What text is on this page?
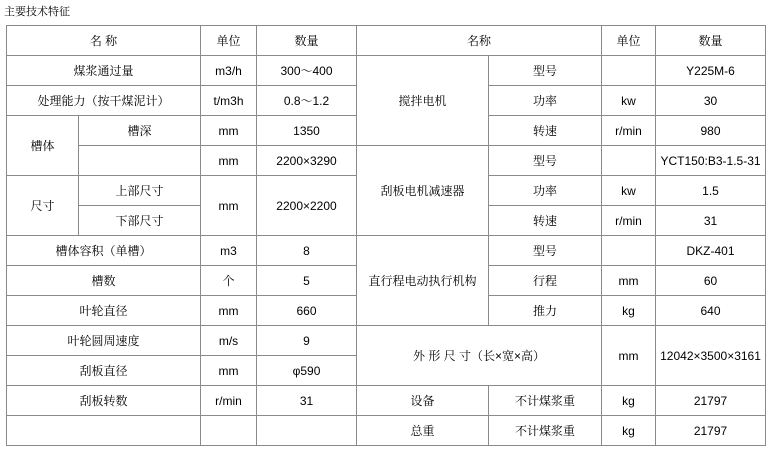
主要技术特征
名 称		单位	数量	名称		单位	数量
煤浆通过量		m3/h	300～400	搅拌电机	型号		Y225M-6
处理能力（按干煤泥计）		t/m3h	0.8～1.2		功率	kw	30
槽体	槽深	mm	1350		转速	r/min	980
		mm	2200×3290	刮板电机减速器	型号		YCT150:B3-1.5-31
尺寸	上部尺寸	mm	2200×2200		功率	kw	1.5
	下部尺寸				转速	r/min	31
槽体容积（单槽）		m3	8	直行程电动执行机构	型号		DKZ-401
槽数		个	5		行程	mm	60
叶轮直径		mm	660		推力	kg	640
叶轮圆周速度		m/s	9	外 形 尺 寸（长×宽×高）		mm	12042×3500×3161
刮板直径		mm	φ590				
刮板转数		r/min	31	设备	不计煤浆重	kg	21797
				总重	不计煤浆重	kg	21797
